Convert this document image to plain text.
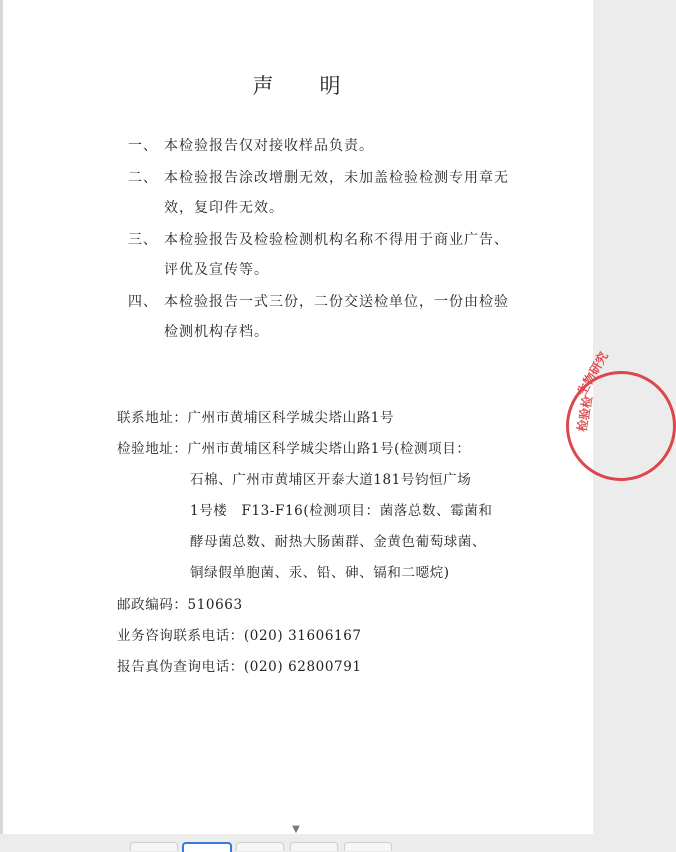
声 明
一、 本检验报告仅对接收样品负责。
二、 本检验报告涂改增删无效，未加盖检验检测专用章无
效，复印件无效。
三、 本检验报告及检验检测机构名称不得用于商业广告、
评优及宣传等。
四、 本检验报告一式三份，二份交送检单位，一份由检验
检测机构存档。
联系地址：广州市黄埔区科学城尖塔山路1号
检验地址：广州市黄埔区科学城尖塔山路1号(检测项目：
石棉、广州市黄埔区开泰大道181号钧恒广场
1号楼　F13-F16(检测项目：菌落总数、霉菌和
酵母菌总数、耐热大肠菌群、金黄色葡萄球菌、
铜绿假单胞菌、汞、铅、砷、镉和二噁烷)
邮政编码：510663
业务咨询联系电话：(020) 31606167
报告真伪查询电话：(020) 62800791
生物研究
检验检
▼
